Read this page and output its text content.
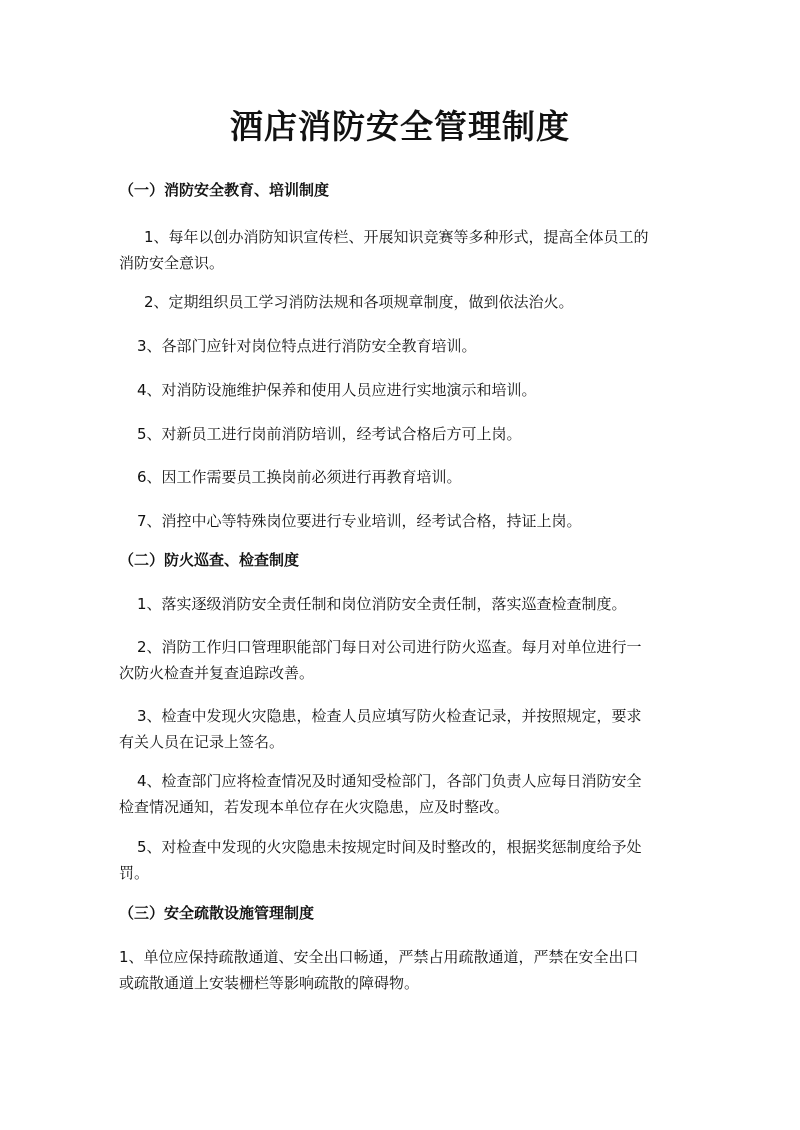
酒店消防安全管理制度
（一）消防安全教育、培训制度
1、每年以创办消防知识宣传栏、开展知识竞赛等多种形式，提高全体员工的
消防安全意识。
2、定期组织员工学习消防法规和各项规章制度，做到依法治火。
3、各部门应针对岗位特点进行消防安全教育培训。
4、对消防设施维护保养和使用人员应进行实地演示和培训。
5、对新员工进行岗前消防培训，经考试合格后方可上岗。
6、因工作需要员工换岗前必须进行再教育培训。
7、消控中心等特殊岗位要进行专业培训，经考试合格，持证上岗。
（二）防火巡查、检查制度
1、落实逐级消防安全责任制和岗位消防安全责任制，落实巡查检查制度。
2、消防工作归口管理职能部门每日对公司进行防火巡查。每月对单位进行一
次防火检查并复查追踪改善。
3、检查中发现火灾隐患，检查人员应填写防火检查记录，并按照规定，要求
有关人员在记录上签名。
4、检查部门应将检查情况及时通知受检部门，各部门负责人应每日消防安全
检查情况通知，若发现本单位存在火灾隐患，应及时整改。
5、对检查中发现的火灾隐患未按规定时间及时整改的，根据奖惩制度给予处
罚。
（三）安全疏散设施管理制度
1、单位应保持疏散通道、安全出口畅通，严禁占用疏散通道，严禁在安全出口
或疏散通道上安装栅栏等影响疏散的障碍物。
